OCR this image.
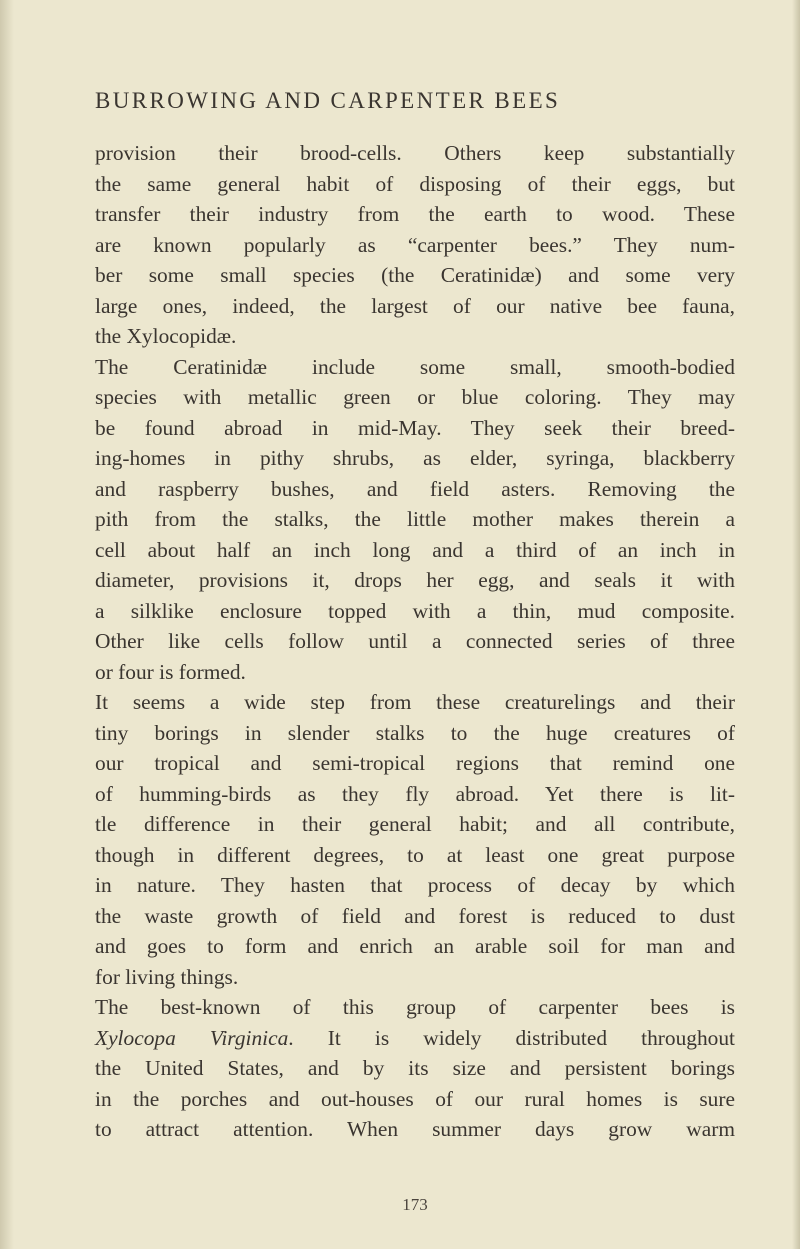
BURROWING AND CARPENTER BEES
provision their brood-cells. Others keep substantially
the same general habit of disposing of their eggs, but
transfer their industry from the earth to wood. These
are known popularly as “carpenter bees.” They num-
ber some small species (the Ceratinidæ) and some very
large ones, indeed, the largest of our native bee fauna,
the Xylocopidæ.
The Ceratinidæ include some small, smooth-bodied
species with metallic green or blue coloring. They may
be found abroad in mid-May. They seek their breed-
ing-homes in pithy shrubs, as elder, syringa, blackberry
and raspberry bushes, and field asters. Removing the
pith from the stalks, the little mother makes therein a
cell about half an inch long and a third of an inch in
diameter, provisions it, drops her egg, and seals it with
a silklike enclosure topped with a thin, mud composite.
Other like cells follow until a connected series of three
or four is formed.
It seems a wide step from these creaturelings and their
tiny borings in slender stalks to the huge creatures of
our tropical and semi-tropical regions that remind one
of humming-birds as they fly abroad. Yet there is lit-
tle difference in their general habit; and all contribute,
though in different degrees, to at least one great purpose
in nature. They hasten that process of decay by which
the waste growth of field and forest is reduced to dust
and goes to form and enrich an arable soil for man and
for living things.
The best-known of this group of carpenter bees is
Xylocopa Virginica. It is widely distributed throughout
the United States, and by its size and persistent borings
in the porches and out-houses of our rural homes is sure
to attract attention. When summer days grow warm
173
